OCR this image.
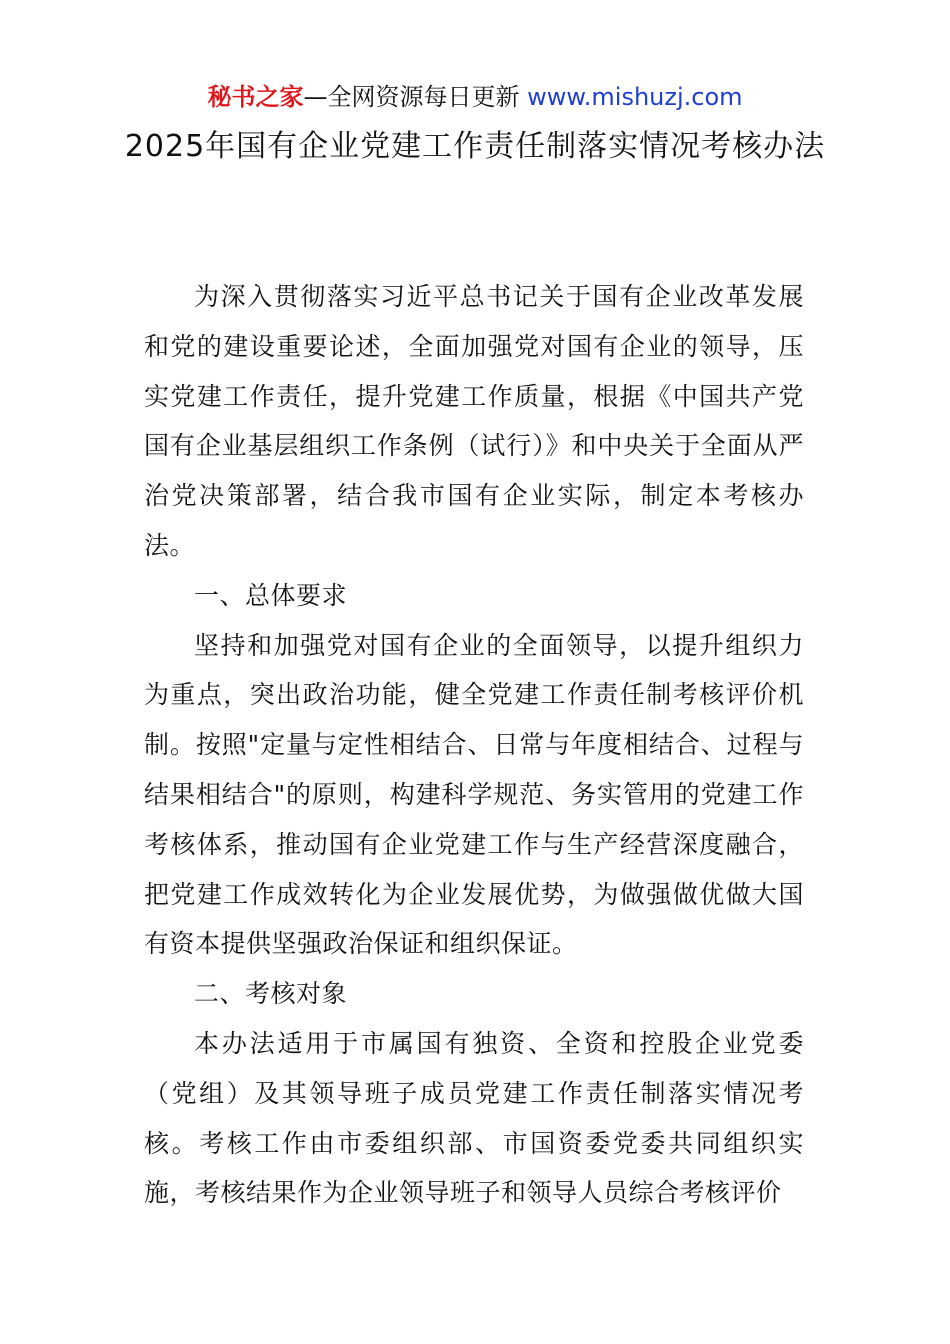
秘书之家—全网资源每日更新 www.mishuzj.com
2025年国有企业党建工作责任制落实情况考核办法

为深入贯彻落实习近平总书记关于国有企业改革发展和党的建设重要论述，全面加强党对国有企业的领导，压实党建工作责任，提升党建工作质量，根据《中国共产党国有企业基层组织工作条例（试行）》和中央关于全面从严治党决策部署，结合我市国有企业实际，制定本考核办法。

一、总体要求

坚持和加强党对国有企业的全面领导，以提升组织力为重点，突出政治功能，健全党建工作责任制考核评价机制。按照"定量与定性相结合、日常与年度相结合、过程与结果相结合"的原则，构建科学规范、务实管用的党建工作考核体系，推动国有企业党建工作与生产经营深度融合，把党建工作成效转化为企业发展优势，为做强做优做大国有资本提供坚强政治保证和组织保证。

二、考核对象

本办法适用于市属国有独资、全资和控股企业党委（党组）及其领导班子成员党建工作责任制落实情况考核。考核工作由市委组织部、市国资委党委共同组织实施，考核结果作为企业领导班子和领导人员综合考核评价
